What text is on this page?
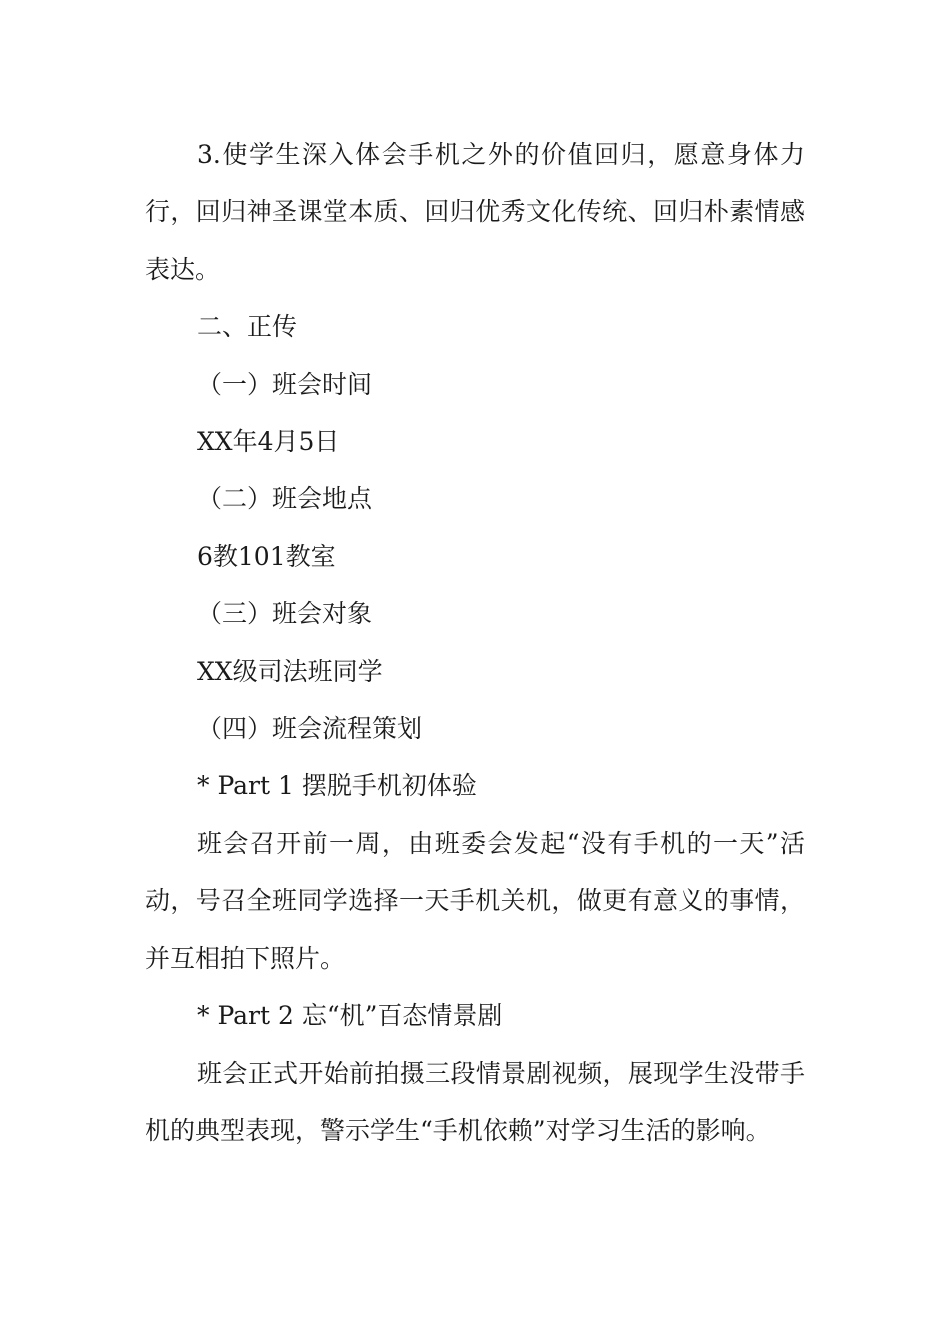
3.使学生深入体会手机之外的价值回归，愿意身体力行，回归神圣课堂本质、回归优秀文化传统、回归朴素情感表达。

二、正传

（一）班会时间

XX年4月5日

（二）班会地点

6教101教室

（三）班会对象

XX级司法班同学

（四）班会流程策划

* Part 1 摆脱手机初体验

班会召开前一周，由班委会发起“没有手机的一天”活动，号召全班同学选择一天手机关机，做更有意义的事情，并互相拍下照片。

* Part 2 忘“机”百态情景剧

班会正式开始前拍摄三段情景剧视频，展现学生没带手机的典型表现，警示学生“手机依赖”对学习生活的影响。
